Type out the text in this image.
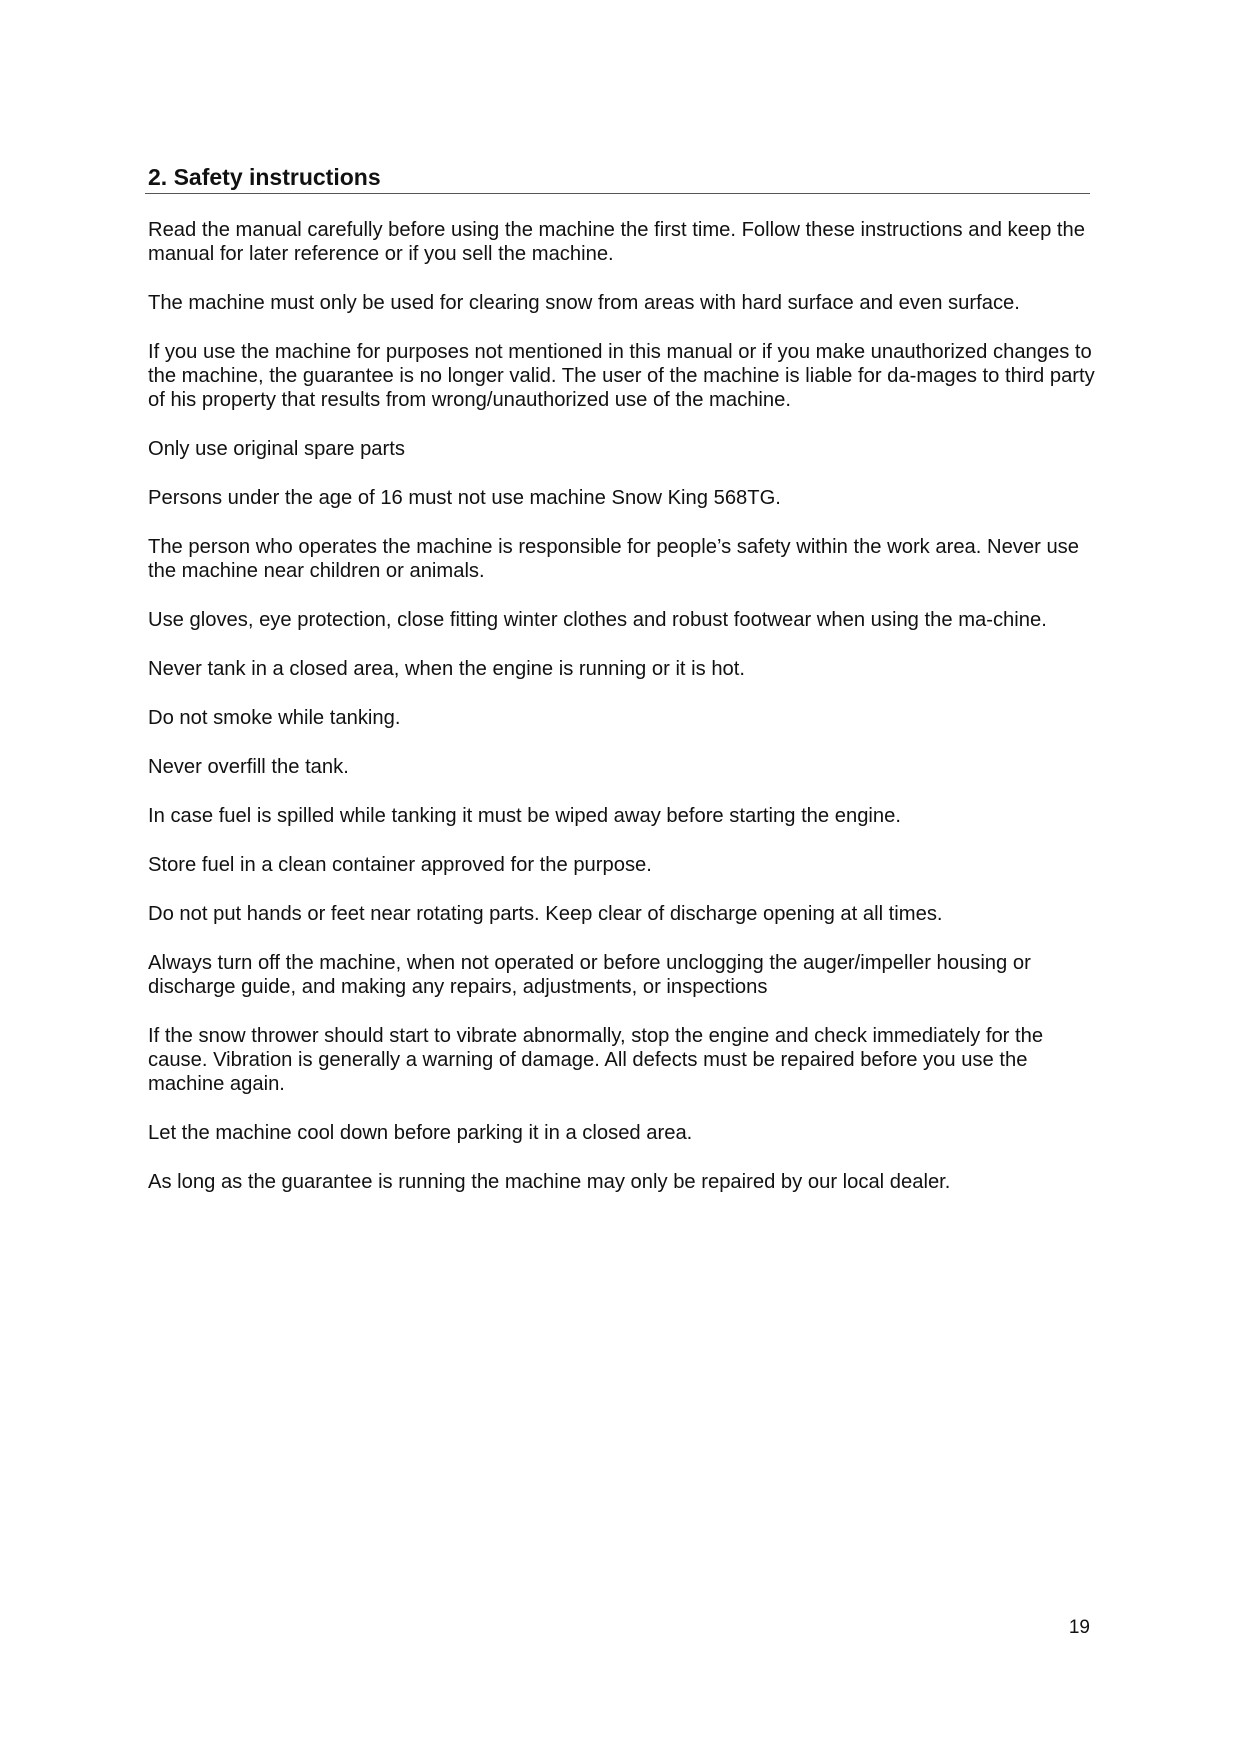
2. Safety instructions

Read the manual carefully before using the machine the first time. Follow these instructions and keep the manual for later reference or if you sell the machine.

The machine must only be used for clearing snow from areas with hard surface and even surface.

If you use the machine for purposes not mentioned in this manual or if you make unauthorized changes to the machine, the guarantee is no longer valid. The user of the machine is liable for da-mages to third party of his property that results from wrong/unauthorized use of the machine.

Only use original spare parts

Persons under the age of 16 must not use machine Snow King 568TG.

The person who operates the machine is responsible for people’s safety within the work area. Never use the machine near children or animals.

Use gloves, eye protection, close fitting winter clothes and robust footwear when using the ma-chine.

Never tank in a closed area, when the engine is running or it is hot.

Do not smoke while tanking.

Never overfill the tank.

In case fuel is spilled while tanking it must be wiped away before starting the engine.

Store fuel in a clean container approved for the purpose.

Do not put hands or feet near rotating parts. Keep clear of discharge opening at all times.

Always turn off the machine, when not operated or before unclogging the auger/impeller housing or discharge guide, and making any repairs, adjustments, or inspections

If the snow thrower should start to vibrate abnormally, stop the engine and check immediately for the cause. Vibration is generally a warning of damage. All defects must be repaired before you use the machine again.

Let the machine cool down before parking it in a closed area.

As long as the guarantee is running the machine may only be repaired by our local dealer.

19
